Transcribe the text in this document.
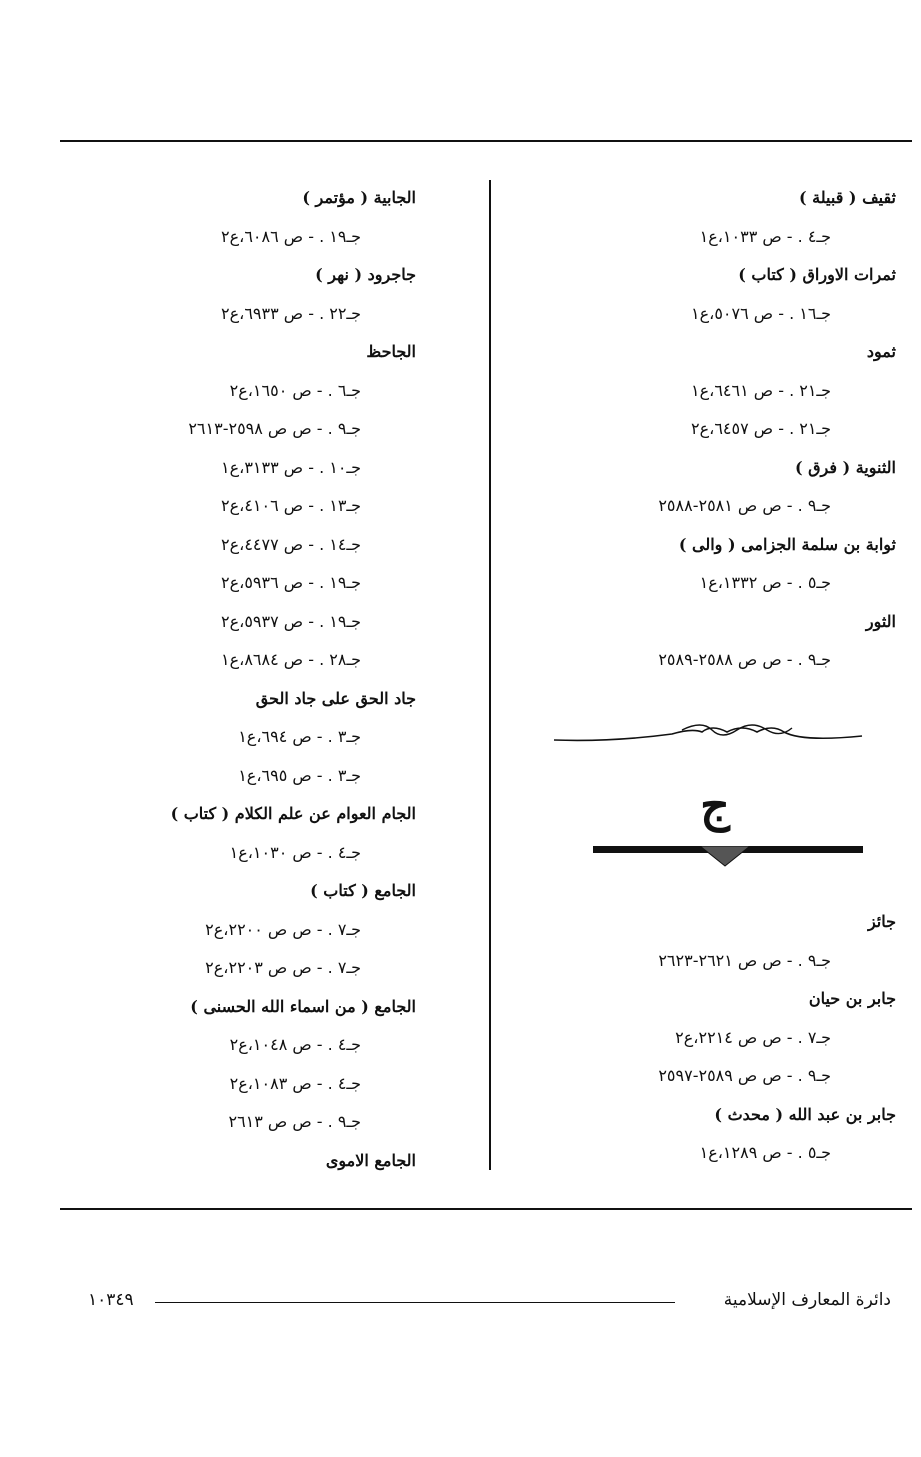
ثقيف ( قبيلة )
جـ٤ . - ص ١٠٣٣،ع١
ثمرات الاوراق ( كتاب )
جـ١٦ . - ص ٥٠٧٦،ع١
ثمود
جـ٢١ . - ص ٦٤٦١،ع١
جـ٢١ . - ص ٦٤٥٧،ع٢
الثنوية ( فرق )
جـ٩ . - ص ص ٢٥٨١-٢٥٨٨
ثوابة بن سلمة الجزامى ( والى )
جـ٥ . - ص ١٣٣٢،ع١
الثور
جـ٩ . - ص ص ٢٥٨٨-٢٥٨٩
ج
جائز
جـ٩ . - ص ص ٢٦٢١-٢٦٢٣
جابر بن حيان
جـ٧ . - ص ص ٢٢١٤،ع٢
جـ٩ . - ص ص ٢٥٨٩-٢٥٩٧
جابر بن عبد الله ( محدث )
جـ٥ . - ص ١٢٨٩،ع١
الجابية ( مؤتمر )
جـ١٩ . - ص ٦٠٨٦،ع٢
جاجرود ( نهر )
جـ٢٢ . - ص ٦٩٣٣،ع٢
الجاحظ
جـ٦ . - ص ١٦٥٠،ع٢
جـ٩ . - ص ص ٢٥٩٨-٢٦١٣
جـ١٠ . - ص ٣١٣٣،ع١
جـ١٣ . - ص ٤١٠٦،ع٢
جـ١٤ . - ص ٤٤٧٧،ع٢
جـ١٩ . - ص ٥٩٣٦،ع٢
جـ١٩ . - ص ٥٩٣٧،ع٢
جـ٢٨ . - ص ٨٦٨٤،ع١
جاد الحق على جاد الحق
جـ٣ . - ص ٦٩٤،ع١
جـ٣ . - ص ٦٩٥،ع١
الجام العوام عن علم الكلام ( كتاب )
جـ٤ . - ص ١٠٣٠،ع١
الجامع ( كتاب )
جـ٧ . - ص ص ٢٢٠٠،ع٢
جـ٧ . - ص ص ٢٢٠٣،ع٢
الجامع ( من اسماء الله الحسنى )
جـ٤ . - ص ١٠٤٨،ع٢
جـ٤ . - ص ١٠٨٣،ع٢
جـ٩ . - ص ص ٢٦١٣
الجامع الاموى
دائرة المعارف الإسلامية
١٠٣٤٩
